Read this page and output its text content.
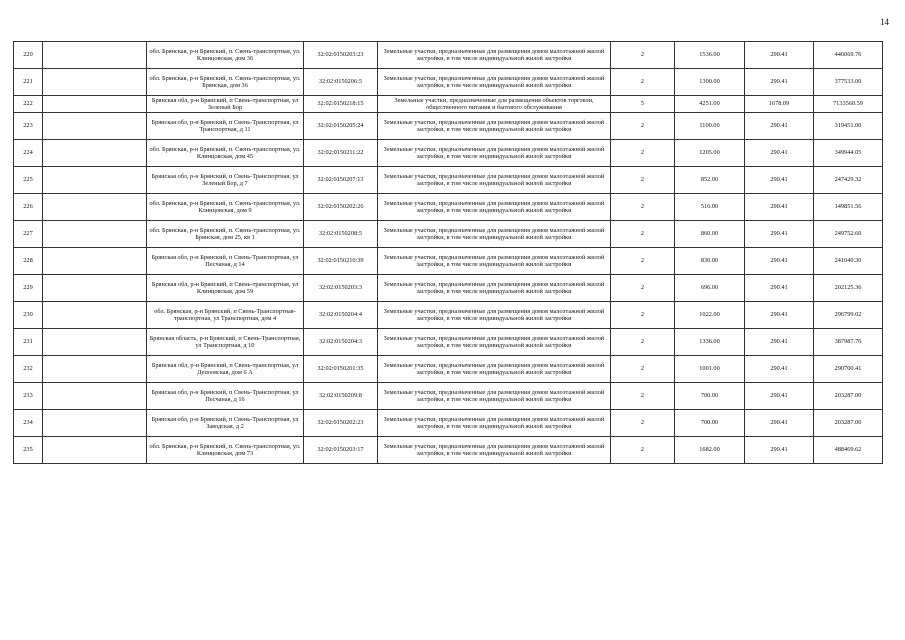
14
220		обл. Брянская, р-н Брянский, п. Свень-транспортная, ул. Клинцовская, дом 36	32:02:0150203:23	Земельные участки, предназначенные для размещения домов малоэтажной жилой застройки, в том числе индивидуальной жилой застройки	2	1536.00	290.41	446069.76
221		обл. Брянская, р-н Брянский, п. Свень-транспортная, ул. Брянская, дом 36	32:02:0150206:5	Земельные участки, предназначенные для размещения домов малоэтажной жилой застройки, в том числе индивидуальной жилой застройки	2	1300.00	290.41	377533.00
222		Брянская обл, р-н Брянский, п Свень-транспортная, ул Зеленый Бор	32:02:0150218:15	Земельные участки, предназначенные для размещения объектов торговли, общественного питания и бытового обслуживания	5	4251.00	1678.09	7133560.59
223		Брянская обл, р-н Брянский, п Свень-Транспортная, ул Транспортная, д 11	32:02:0150205:24	Земельные участки, предназначенные для размещения домов малоэтажной жилой застройки, в том числе индивидуальной жилой застройки	2	1100.00	290.41	319451.00
224		обл. Брянская, р-н Брянский, п. Свень-транспортная, ул. Клинцовская, дом 45	32:02:0150211:22	Земельные участки, предназначенные для размещения домов малоэтажной жилой застройки, в том числе индивидуальной жилой застройки	2	1205.00	290.41	349944.05
225		Брянская обл, р-н Брянский, п Свень-Транспортная, ул Зеленый Бор, д 7	32:02:0150207:13	Земельные участки, предназначенные для размещения домов малоэтажной жилой застройки, в том числе индивидуальной жилой застройки	2	852.00	290.41	247429.32
226		обл. Брянская, р-н Брянский, п. Свень-транспортная, ул. Клинцовская, дом 9	32:02:0150202:26	Земельные участки, предназначенные для размещения домов малоэтажной жилой застройки, в том числе индивидуальной жилой застройки	2	516.00	290.41	149851.56
227		обл. Брянская, р-н Брянский, п. Свень-транспортная, ул. Брянская, дом 25, кв 1	32:02:0150208:5	Земельные участки, предназначенные для размещения домов малоэтажной жилой застройки, в том числе индивидуальной жилой застройки	2	860.00	290.41	249752.60
228		Брянская обл, р-н Брянский, п Свень-Транспортная, ул Песчаная, д 14	32:02:0150210:39	Земельные участки, предназначенные для размещения домов малоэтажной жилой застройки, в том числе индивидуальной жилой застройки	2	830.00	290.41	241040.30
229		Брянская обл, р-н Брянский, п Свень-транспортная, ул Клинцовская, дом 59	32:02:0150203:3	Земельные участки, предназначенные для размещения домов малоэтажной жилой застройки, в том числе индивидуальной жилой застройки	2	696.00	290.41	202125.36
230		обл. Брянская, р-н Брянский, п Свень-Транспортная-транспортная, ул Транспортная, дом 4	32:02:0150204:4	Земельные участки, предназначенные для размещения домов малоэтажной жилой застройки, в том числе индивидуальной жилой застройки	2	1022.00	290.41	296799.02
231		Брянская область, р-н Брянский, п Свень-Транспортная, ул Транспортная, д 10	32:02:0150204:3	Земельные участки, предназначенные для размещения домов малоэтажной жилой застройки, в том числе индивидуальной жилой застройки	2	1336.00	290.41	387987.76
232		Брянская обл, р-н Брянский, п Свень-транспортная, ул Депоовская, дом 6 А	32:02:0150201:35	Земельные участки, предназначенные для размещения домов малоэтажной жилой застройки, в том числе индивидуальной жилой застройки	2	1001.00	290.41	290700.41
233		Брянская обл, р-н Брянский, п Свень-Транспортная, ул Песчаная, д 16	32:02:0150209:8	Земельные участки, предназначенные для размещения домов малоэтажной жилой застройки, в том числе индивидуальной жилой застройки	2	700.00	290.41	203287.00
234		Брянская обл, р-н Брянский, п Свень-Транспортная, ул Заводская, д 2	32:02:0150202:23	Земельные участки, предназначенные для размещения домов малоэтажной жилой застройки, в том числе индивидуальной жилой застройки	2	700.00	290.41	203287.00
235		обл. Брянская, р-н Брянский, п. Свень-транспортная, ул. Клинцовская, дом 73	32:02:0150203:17	Земельные участки, предназначенные для размещения домов малоэтажной жилой застройки, в том числе индивидуальной жилой застройки	2	1682.00	290.41	488469.62
